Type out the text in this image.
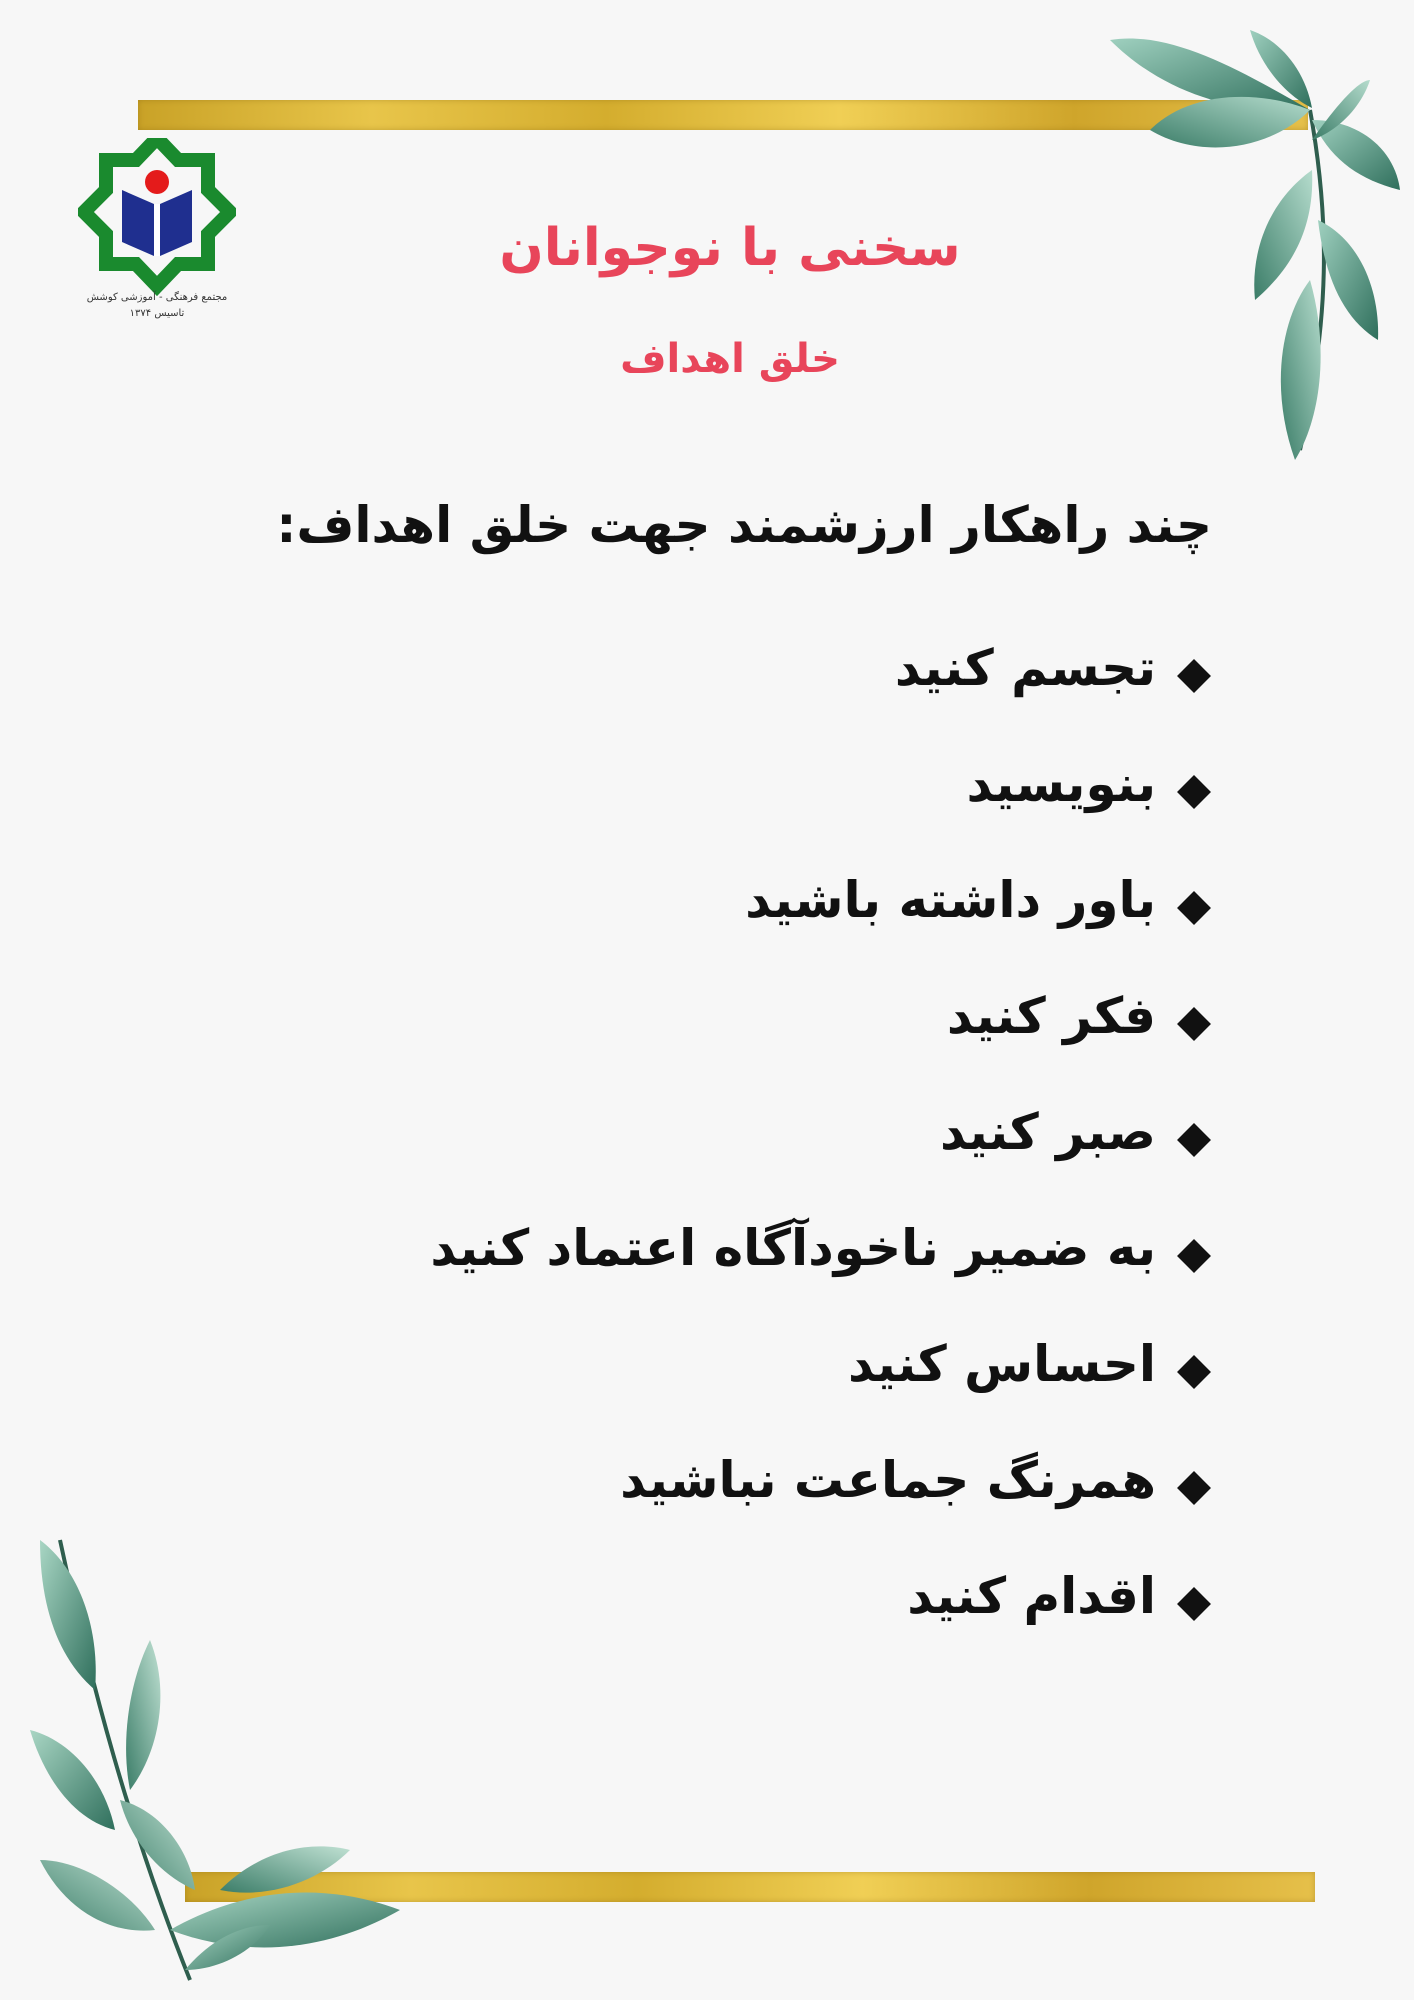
مجتمع فرهنگی - آموزشی کوشش
تاسیس ۱۳۷۴
سخنی با نوجوانان
خلق اهداف
چند راهکار ارزشمند جهت خلق اهداف:
تجسم کنید
بنویسید
باور داشته باشید
فکر کنید
صبر کنید
به ضمیر ناخودآگاه اعتماد کنید
احساس کنید
همرنگ جماعت نباشید
اقدام کنید
